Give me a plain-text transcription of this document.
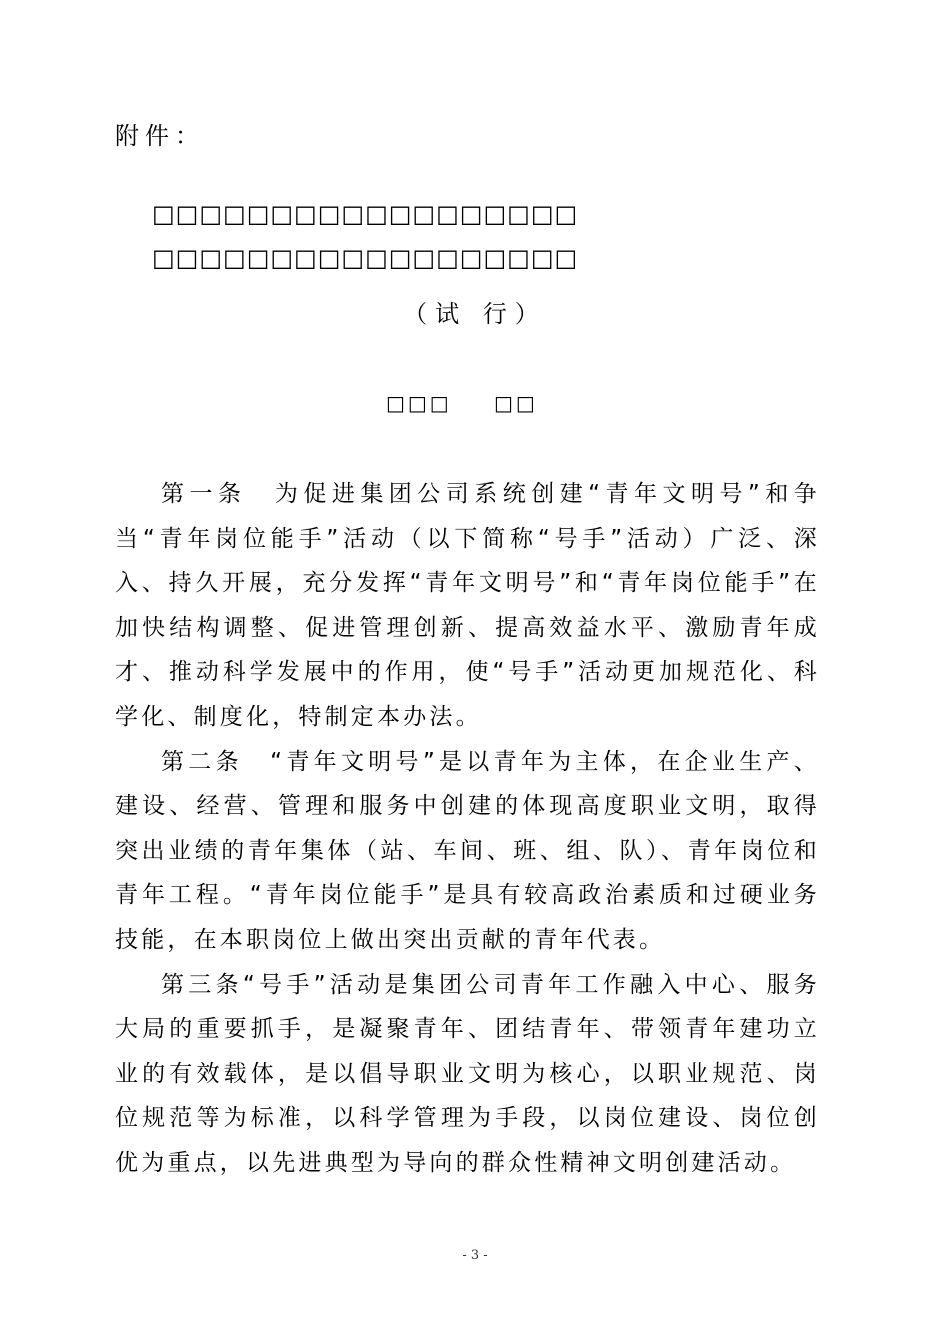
附件：
□□□□□□□□□□□□□□□□□□
□□□□□□□□□□□□□□□□□□
（试 行）
□□□ □□

第一条　为促进集团公司系统创建“青年文明号”和争当“青年岗位能手”活动（以下简称“号手”活动）广泛、深入、持久开展，充分发挥“青年文明号”和“青年岗位能手”在加快结构调整、促进管理创新、提高效益水平、激励青年成才、推动科学发展中的作用，使“号手”活动更加规范化、科学化、制度化，特制定本办法。

第二条　“青年文明号”是以青年为主体，在企业生产、建设、经营、管理和服务中创建的体现高度职业文明，取得突出业绩的青年集体（站、车间、班、组、队）、青年岗位和青年工程。“青年岗位能手”是具有较高政治素质和过硬业务技能，在本职岗位上做出突出贡献的青年代表。

第三条“号手”活动是集团公司青年工作融入中心、服务大局的重要抓手，是凝聚青年、团结青年、带领青年建功立业的有效载体，是以倡导职业文明为核心，以职业规范、岗位规范等为标准，以科学管理为手段，以岗位建设、岗位创优为重点，以先进典型为导向的群众性精神文明创建活动。

- 3 -
